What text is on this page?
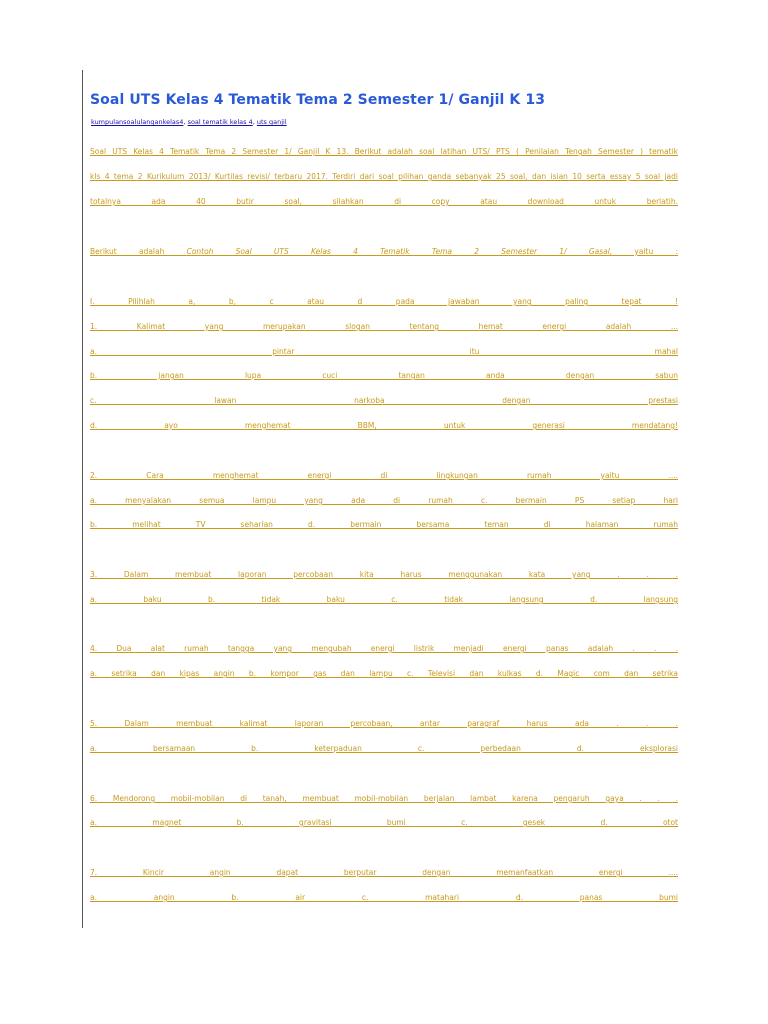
Soal UTS Kelas 4 Tematik Tema 2 Semester 1/ Ganjil K 13
kumpulansoalulangankelas4, soal tematik kelas 4, uts ganjil
Soal UTS Kelas 4 Tematik Tema 2 Semester 1/ Ganjil K 13. Berikut adalah soal latihan UTS/ PTS ( Penilaian Tengah Semester ) tematik
kls 4 tema 2 Kurikulum 2013/ Kurtilas revisi/ terbaru 2017. Terdiri dari soal pilihan ganda sebanyak 25 soal, dan isian 10 serta essay 5 soal jadi
totalnya ada 40 butir soal, silahkan di copy atau download untuk berlatih.
Berikut adalah Contoh Soal UTS Kelas 4 Tematik Tema 2 Semester 1/ Gasal, yaitu :
I. Pilihlah a, b, c atau d pada jawaban yang paling tepat !
1. Kalimat yang merupakan slogan tentang hemat energi adalah ...
a. pintar itu mahal
b. jangan lupa cuci tangan anda dengan sabun
c. lawan narkoba dengan prestasi
d. ayo menghemat BBM, untuk generasi mendatang!
2. Cara menghemat energi di lingkungan rumah yaitu ....
a. menyalakan semua lampu yang ada di rumah c. bermain PS setiap hari
b. melihat TV seharian d. bermain bersama teman di halaman rumah
3. Dalam membuat laporan percobaan kita harus menggunakan kata yang . . .
a. baku b. tidak baku c. tidak langsung d. langsung
4. Dua alat rumah tangga yang mengubah energi listrik menjadi energi panas adalah . . .
a. setrika dan kipas angin b. kompor gas dan lampu c. Televisi dan kulkas d. Magic com dan setrika
5. Dalam membuat kalimat laporan percobaan, antar paragraf harus ada . . .
a. bersamaan b. keterpaduan c. perbedaan d. eksplorasi
6. Mendorong mobil-mobilan di tanah, membuat mobil-mobilan berjalan lambat karena pengaruh gaya . . .
a. magnet b. gravitasi bumi c. gesek d. otot
7. Kincir angin dapat berputar dengan memanfaatkan energi ....
a. angin b. air c. matahari d. panas bumi
